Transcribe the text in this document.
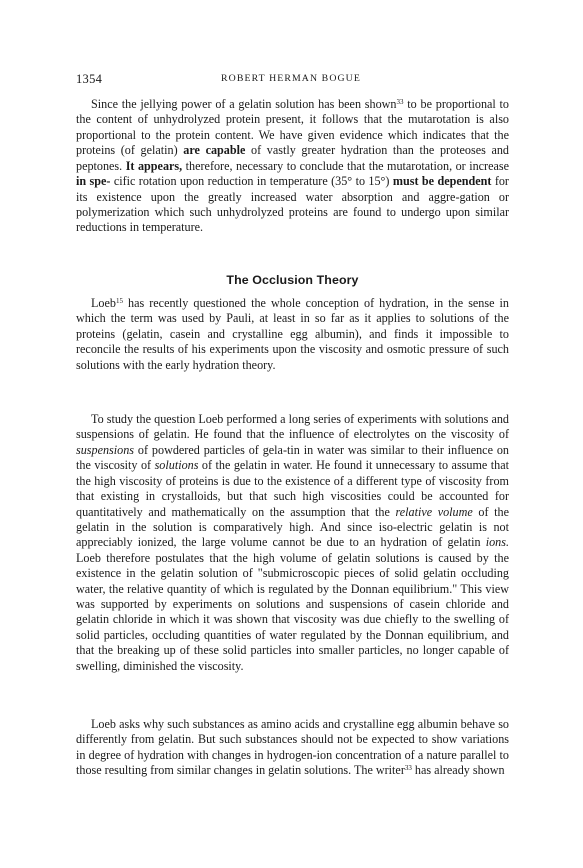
1354	ROBERT HERMAN BOGUE

Since the jellying power of a gelatin solution has been shown$^{33}$ to be proportional to the content of unhydrolyzed protein present, it follows that the mutarotation is also proportional to the protein content. We have given evidence which indicates that the proteins (of gelatin) are capable of vastly greater hydration than the proteoses and peptones. It appears, therefore, necessary to conclude that the mutarotation, or increase in spe- cific rotation upon reduction in temperature (35° to 15°) must be dependent for its existence upon the greatly increased water absorption and aggre-gation or polymerization which such unhydrolyzed proteins are found to undergo upon similar reductions in temperature.

The Occlusion Theory

Loeb$^{15}$ has recently questioned the whole conception of hydration, in the sense in which the term was used by Pauli, at least in so far as it applies to solutions of the proteins (gelatin, casein and crystalline egg albumin), and finds it impossible to reconcile the results of his experiments upon the viscosity and osmotic pressure of such solutions with the early hydration theory.

To study the question Loeb performed a long series of experiments with solutions and suspensions of gelatin. He found that the influence of electrolytes on the viscosity of suspensions of powdered particles of gela-tin in water was similar to their influence on the viscosity of solutions of the gelatin in water. He found it unnecessary to assume that the high viscosity of proteins is due to the existence of a different type of viscosity from that existing in crystalloids, but that such high viscosities could be accounted for quantitatively and mathematically on the assumption that the relative volume of the gelatin in the solution is comparatively high. And since iso-electric gelatin is not appreciably ionized, the large volume cannot be due to an hydration of gelatin ions. Loeb therefore postulates that the high volume of gelatin solutions is caused by the existence in the gelatin solution of "submicroscopic pieces of solid gelatin occluding water, the relative quantity of which is regulated by the Donnan equilibrium." This view was supported by experiments on solutions and suspensions of casein chloride and gelatin chloride in which it was shown that viscosity was due chiefly to the swelling of solid particles, occluding quantities of water regulated by the Donnan equilibrium, and that the breaking up of these solid particles into smaller particles, no longer capable of swelling, diminished the viscosity.

Loeb asks why such substances as amino acids and crystalline egg albumin behave so differently from gelatin. But such substances should not be expected to show variations in degree of hydration with changes in hydrogen-ion concentration of a nature parallel to those resulting from similar changes in gelatin solutions. The writer$^{33}$ has already shown
